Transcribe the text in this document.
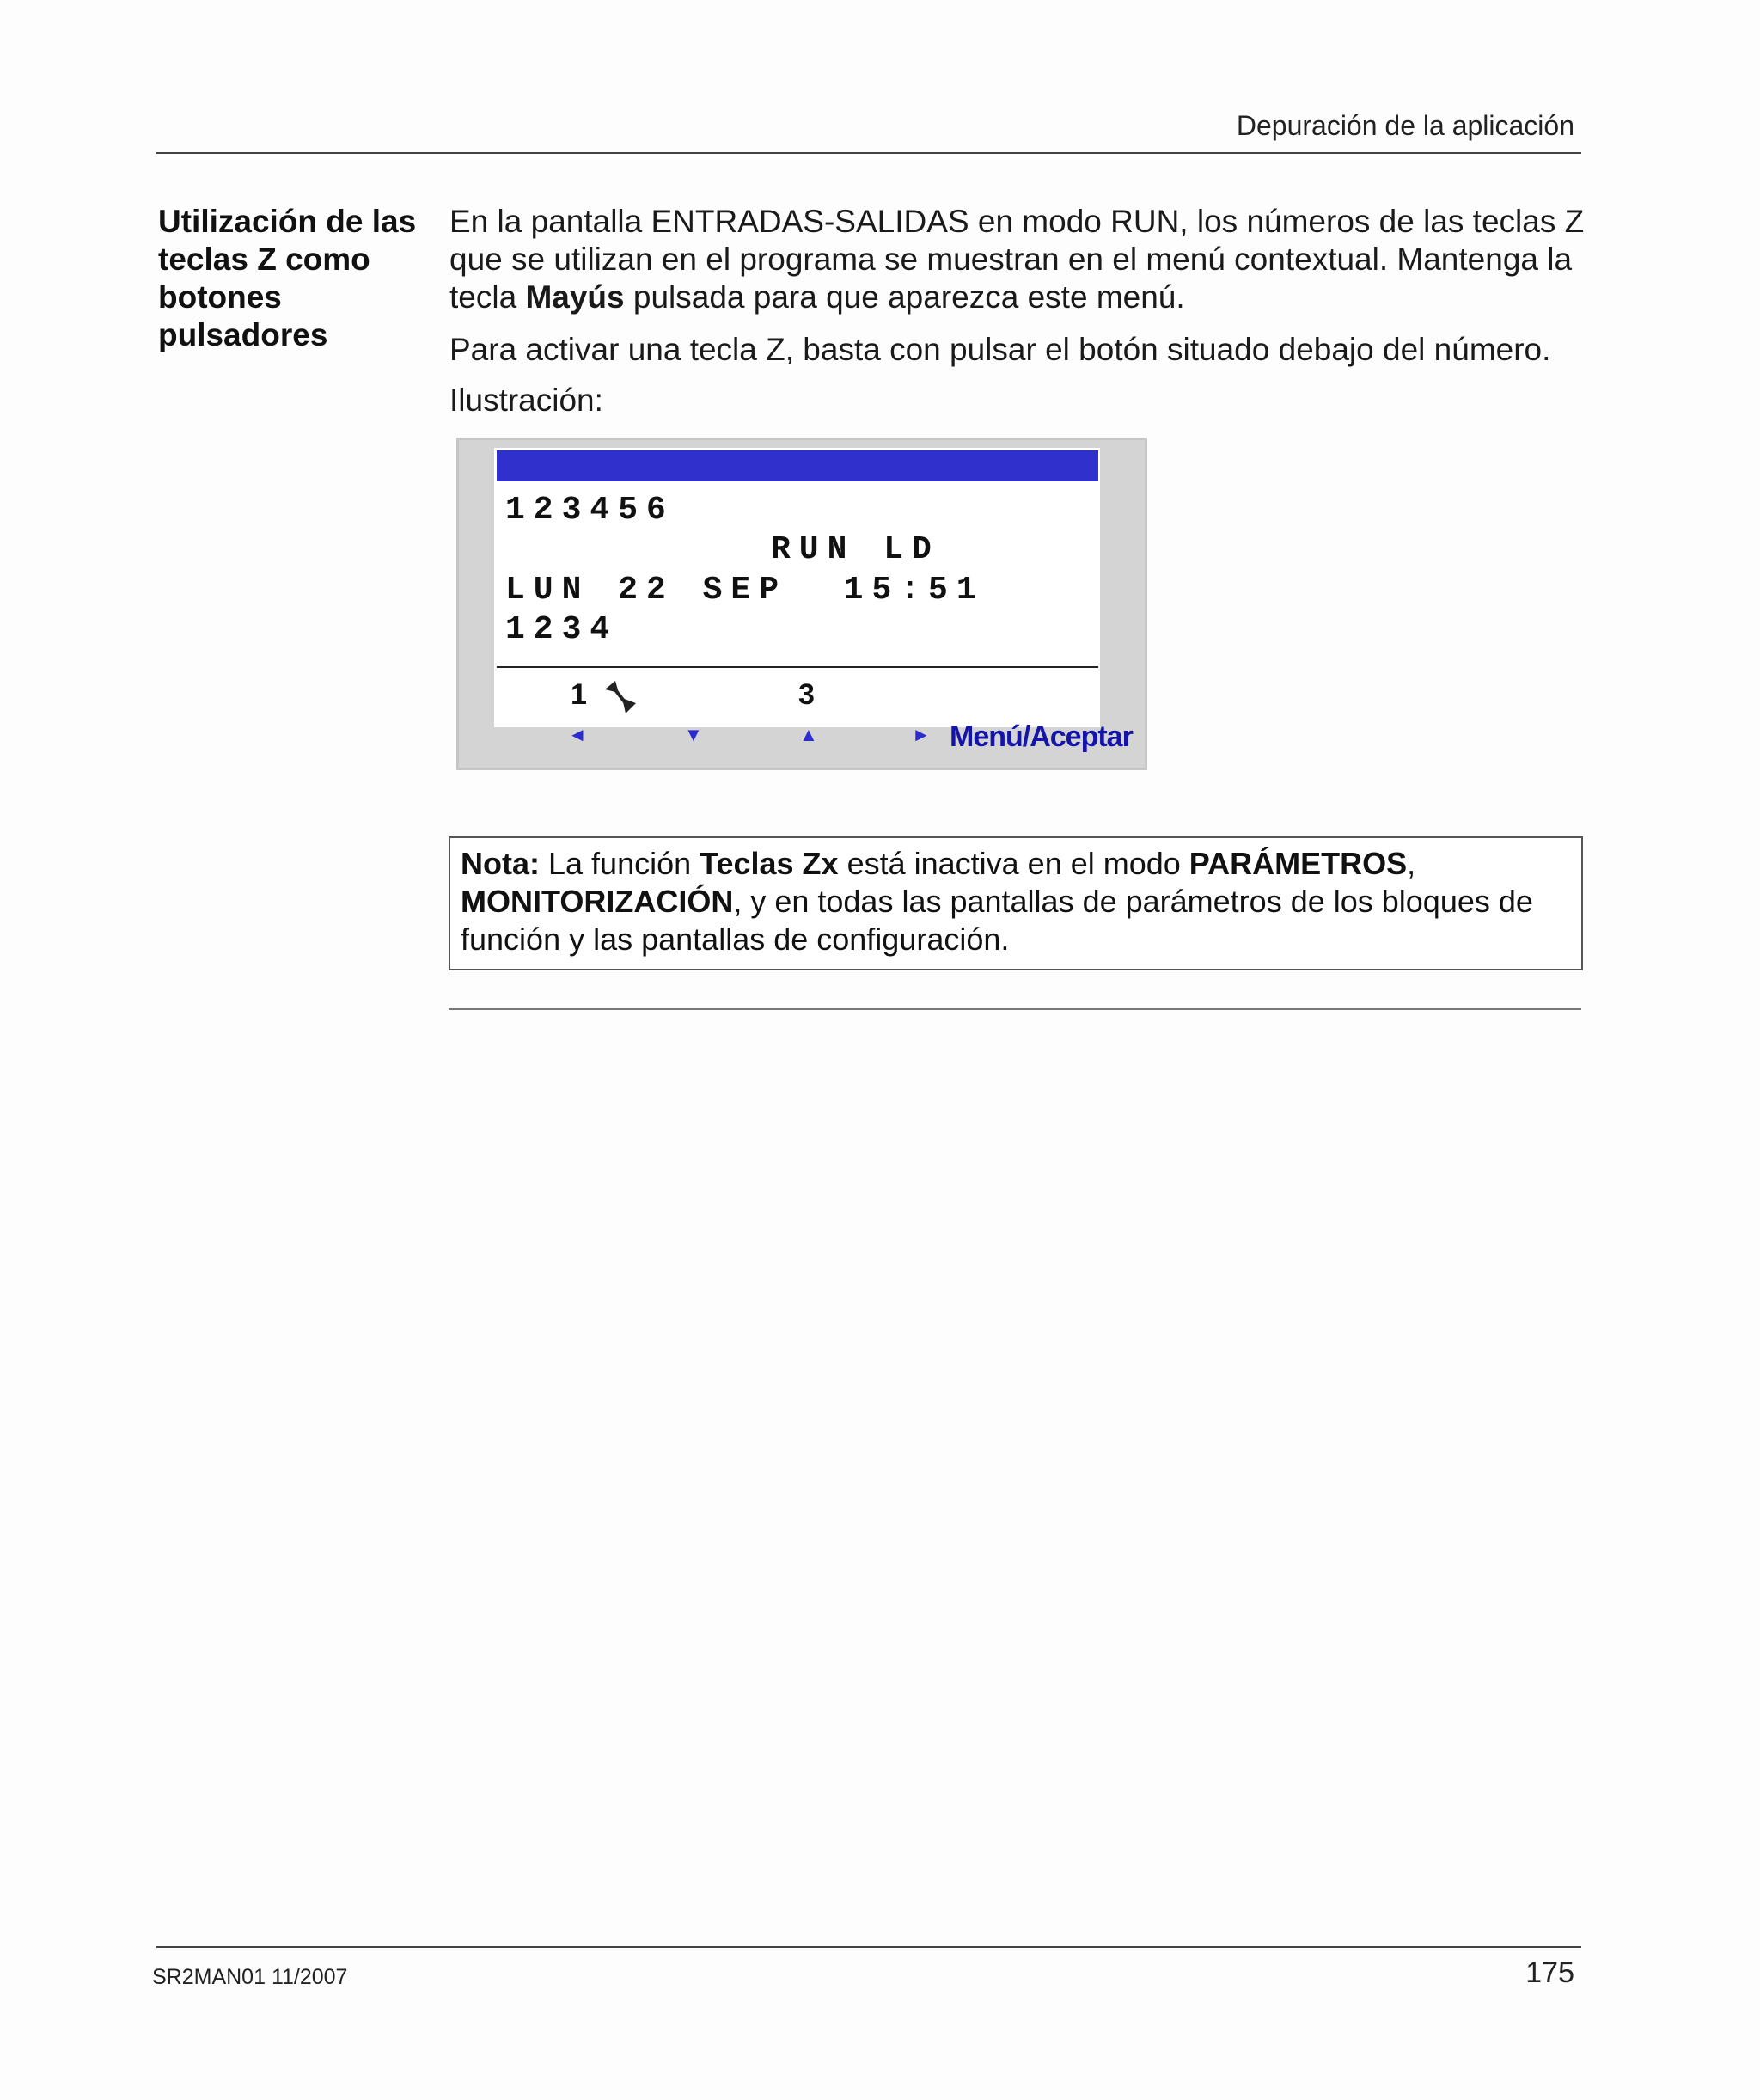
Depuración de la aplicación
Utilización de las
teclas Z como
botones
pulsadores
En la pantalla ENTRADAS-SALIDAS en modo RUN, los números de las teclas Z que se utilizan en el programa se muestran en el menú contextual. Mantenga la tecla Mayús pulsada para que aparezca este menú.
Para activar una tecla Z, basta con pulsar el botón situado debajo del número.
Ilustración:
123456
RUN LD
LUN 22 SEP  15:51
1234
1	3
◄	▼	▲	► Menú/Aceptar
Nota: La función Teclas Zx está inactiva en el modo PARÁMETROS,
MONITORIZACIÓN, y en todas las pantallas de parámetros de los bloques de función y las pantallas de configuración.
SR2MAN01 11/2007	175
